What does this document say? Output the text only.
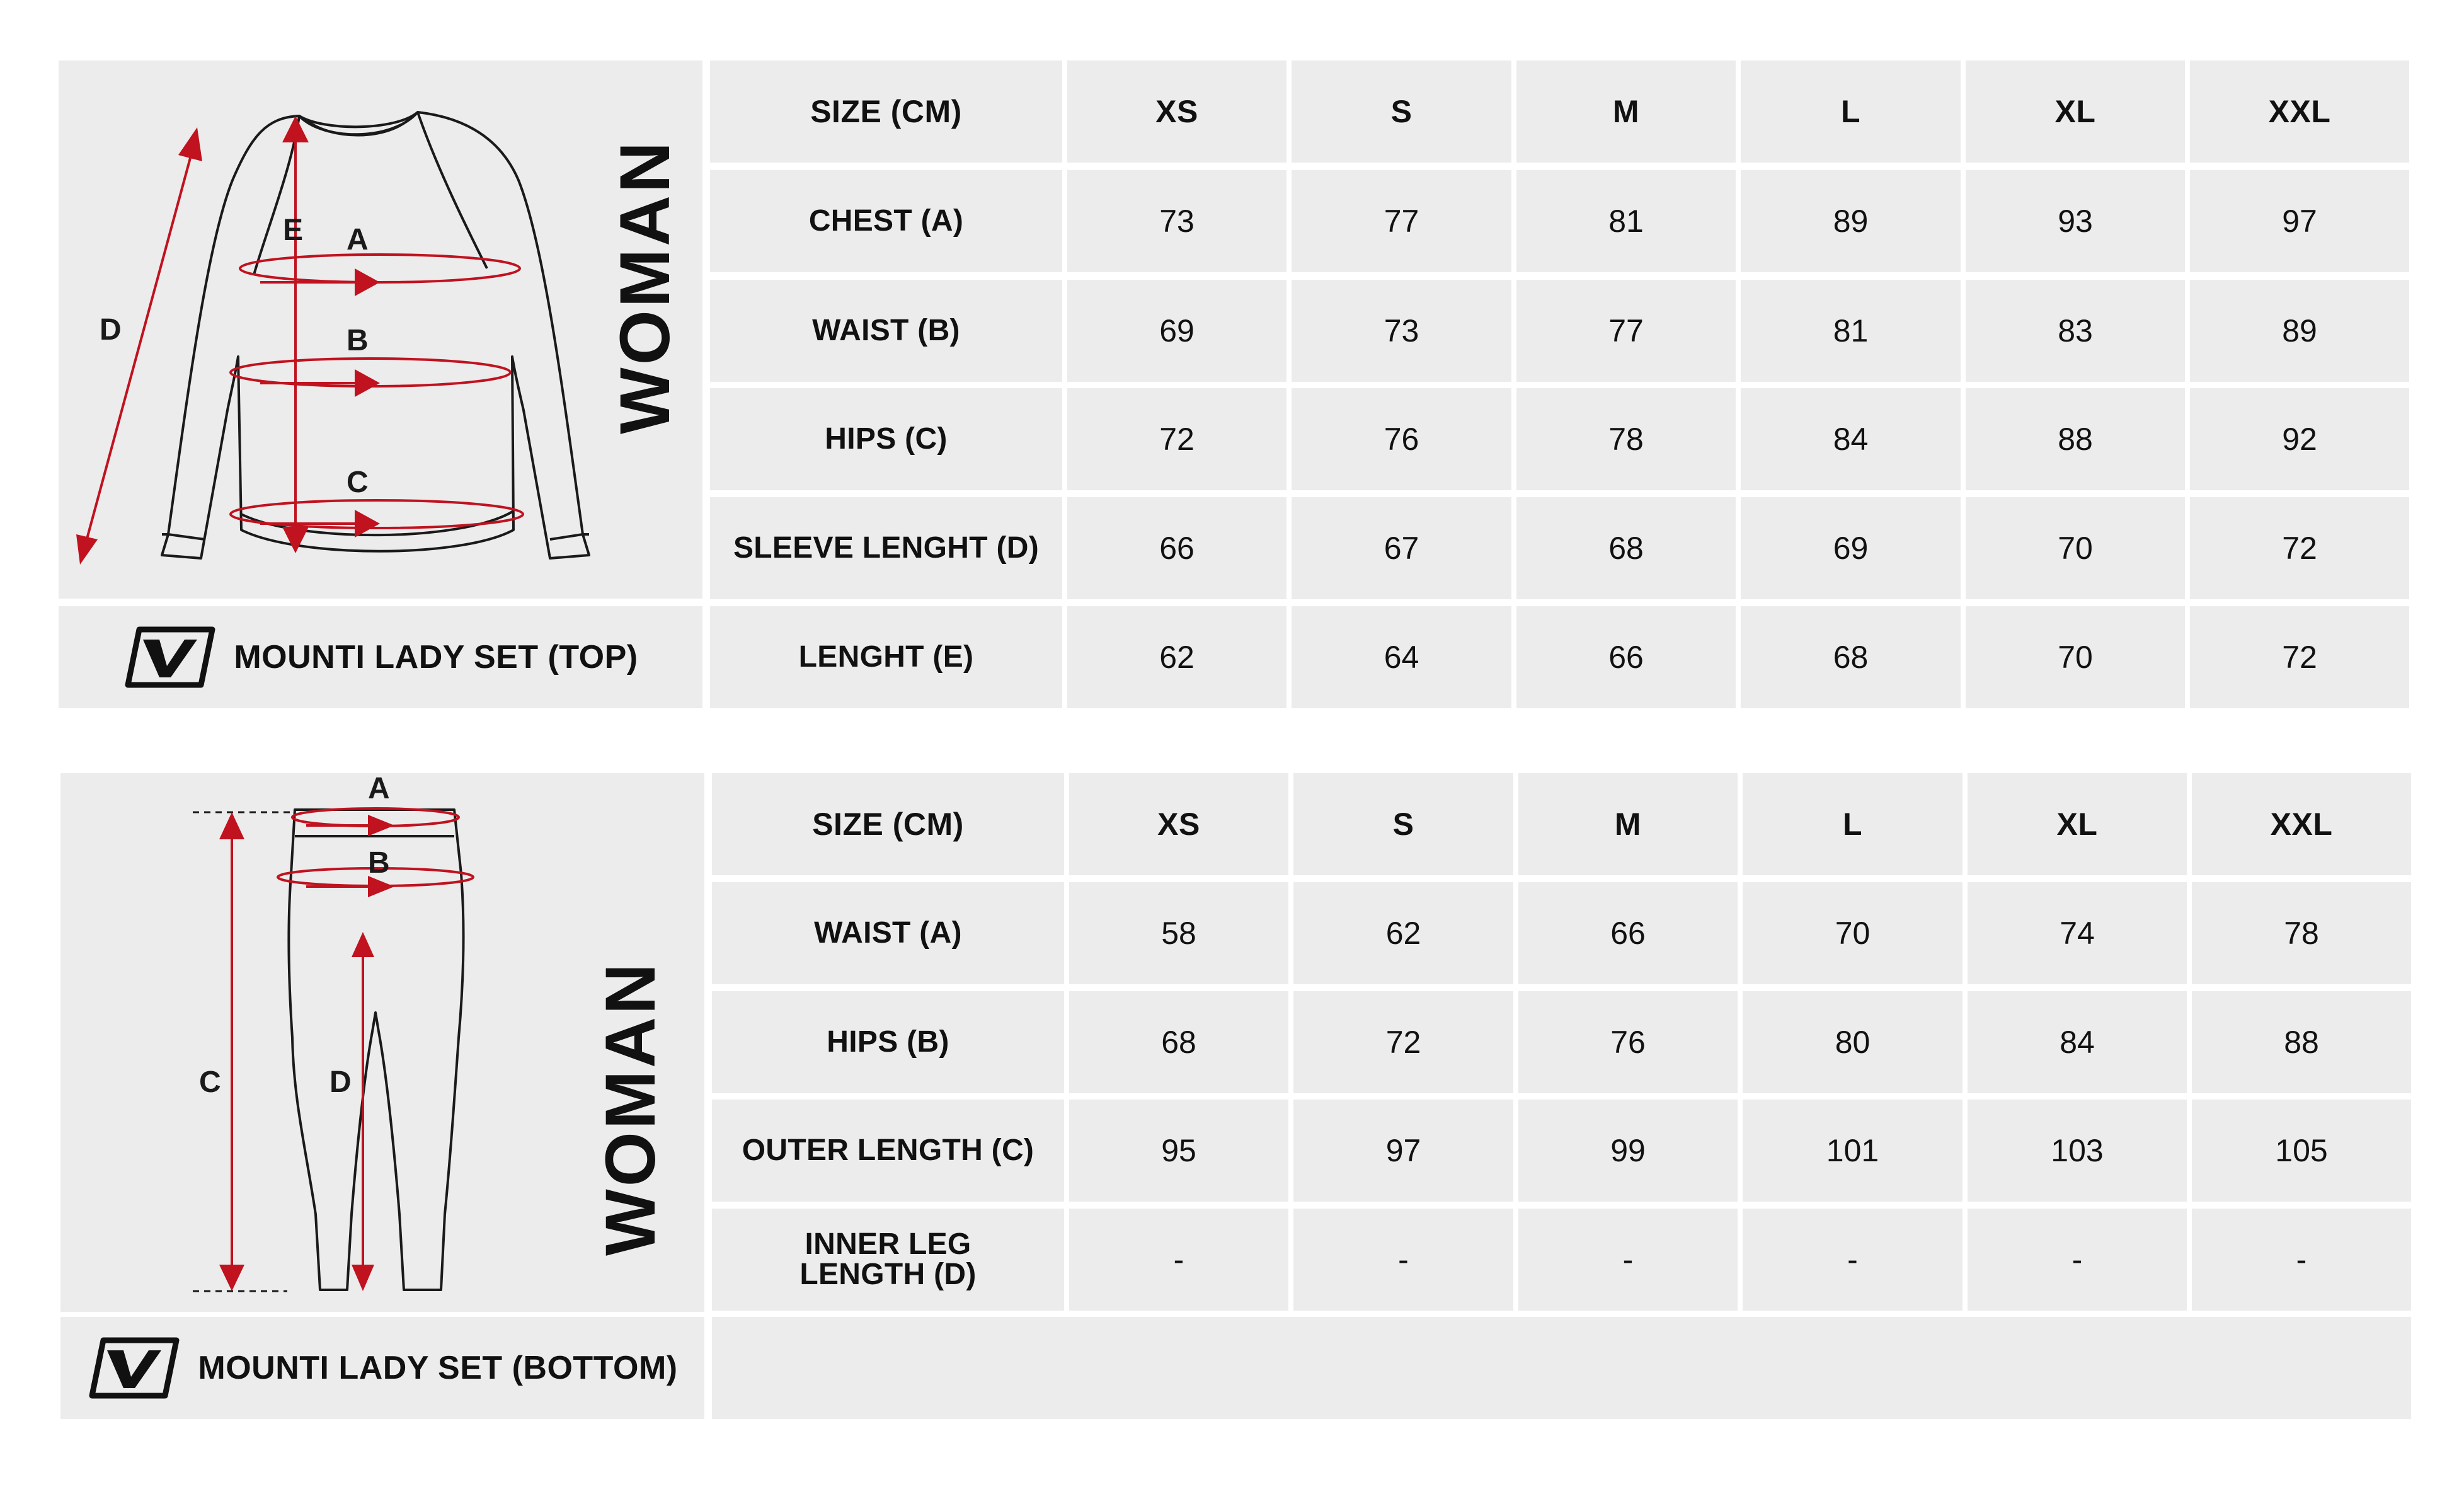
E A
B
C
D	WOMAN
MOUNTI LADY SET (TOP)
SIZE (CM)	XS	S	M	L	XL	XXL
CHEST (A)	73	77	81	89	93	97
WAIST (B)	69	73	77	81	83	89
HIPS (C)	72	76	78	84	88	92
SLEEVE LENGHT (D)	66	67	68	69	70	72
LENGHT (E)	62	64	66	68	70	72
A
B
C	D	WOMAN
MOUNTI LADY SET (BOTTOM)
SIZE (CM)	XS	S	M	L	XL	XXL
WAIST (A)	58	62	66	70	74	78
HIPS (B)	68	72	76	80	84	88
OUTER LENGTH (C)	95	97	99	101	103	105
INNER LEG
LENGTH (D)	-	-	-	-	-	-
